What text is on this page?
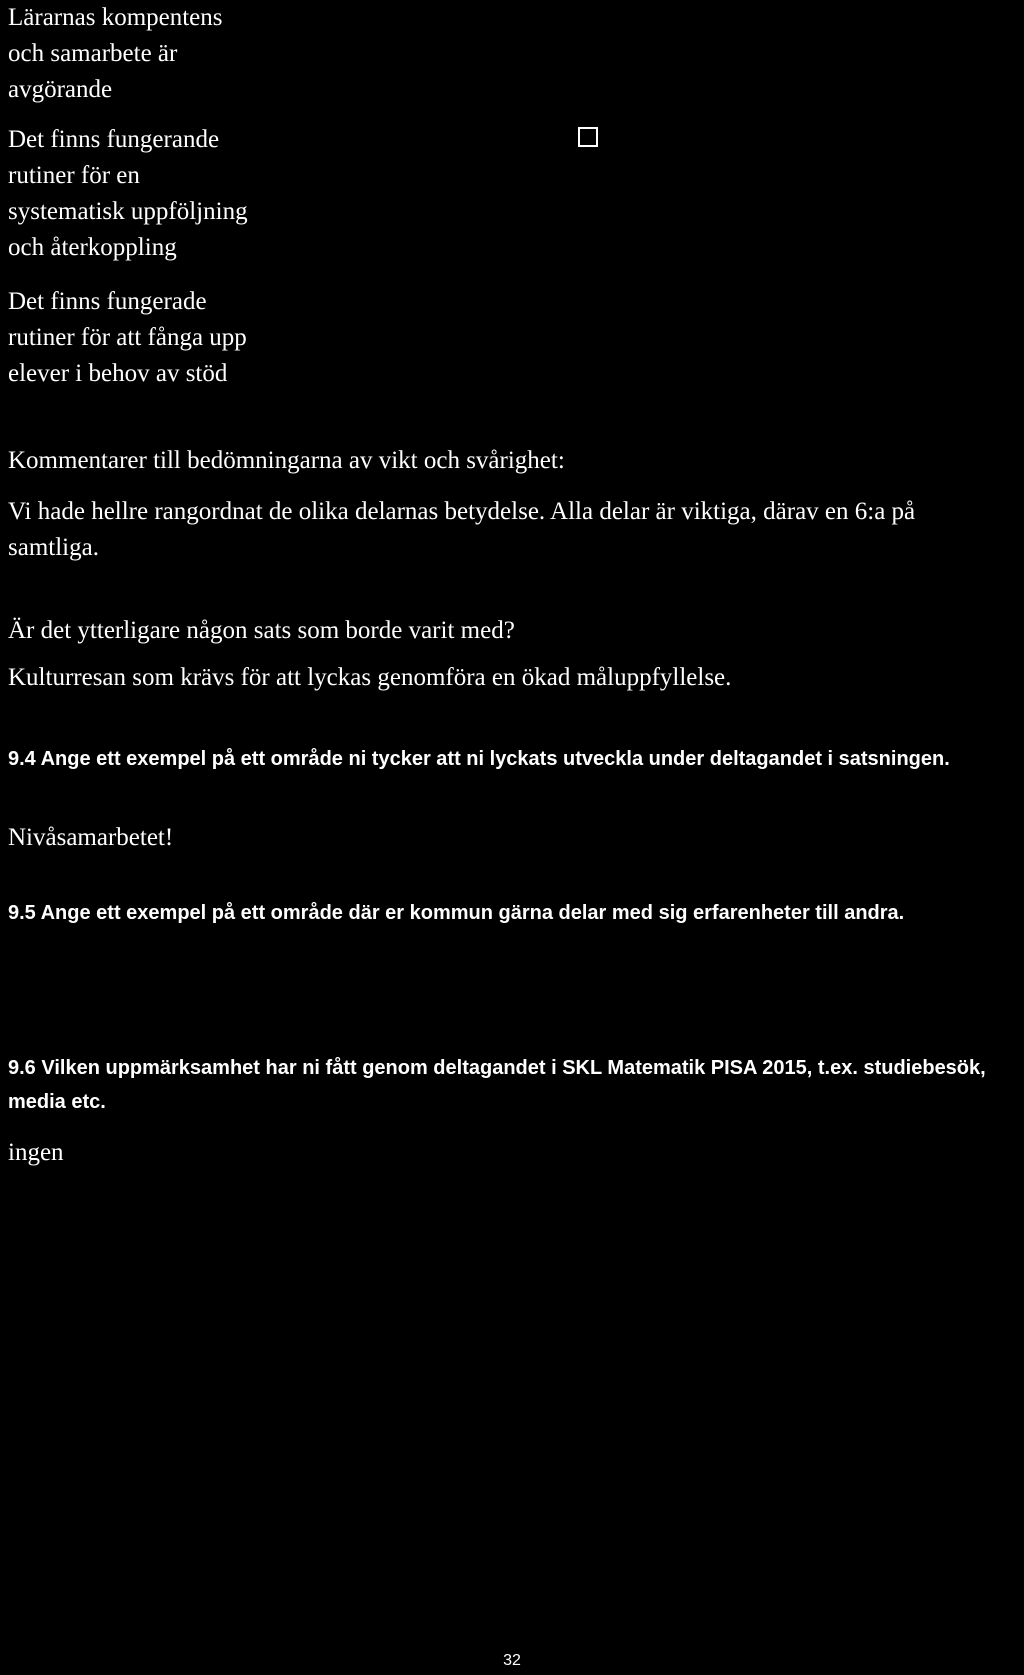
Lärarnas kompentens
och samarbete är
avgörande
Det finns fungerande
rutiner för en
systematisk uppföljning
och återkoppling
Det finns fungerade
rutiner för att fånga upp
elever i behov av stöd
Kommentarer till bedömningarna av vikt och svårighet:
Vi hade hellre rangordnat de olika delarnas betydelse. Alla delar är viktiga, därav en 6:a på samtliga.
Är det ytterligare någon sats som borde varit med?
Kulturresan som krävs för att lyckas genomföra en ökad måluppfyllelse.
9.4 Ange ett exempel på ett område ni tycker att ni lyckats utveckla under deltagandet i satsningen.
Nivåsamarbetet!
9.5 Ange ett exempel på ett område där er kommun gärna delar med sig erfarenheter till andra.
9.6 Vilken uppmärksamhet har ni fått genom deltagandet i SKL Matematik PISA 2015, t.ex. studiebesök, media etc.
ingen
32
